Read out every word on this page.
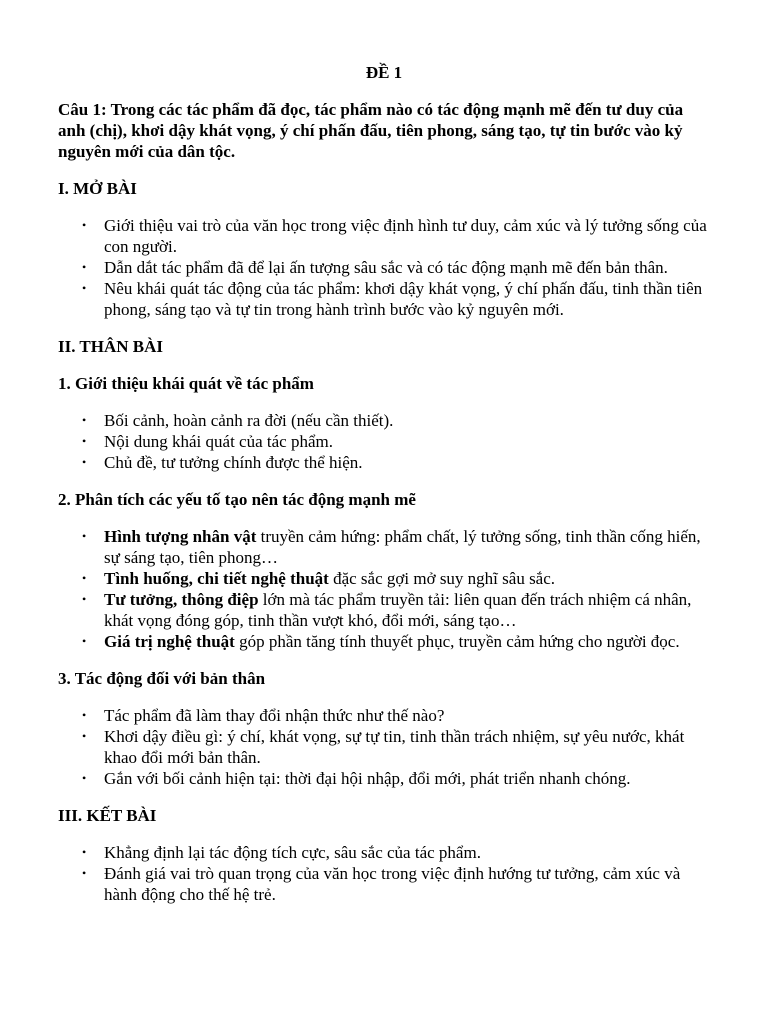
ĐỀ 1
Câu 1: Trong các tác phẩm đã đọc, tác phẩm nào có tác động mạnh mẽ đến tư duy của anh (chị), khơi dậy khát vọng, ý chí phấn đấu, tiên phong, sáng tạo, tự tin bước vào kỷ nguyên mới của dân tộc.
I. MỞ BÀI
• Giới thiệu vai trò của văn học trong việc định hình tư duy, cảm xúc và lý tưởng sống của con người.
• Dẫn dắt tác phẩm đã để lại ấn tượng sâu sắc và có tác động mạnh mẽ đến bản thân.
• Nêu khái quát tác động của tác phẩm: khơi dậy khát vọng, ý chí phấn đấu, tinh thần tiên phong, sáng tạo và tự tin trong hành trình bước vào kỷ nguyên mới.
II. THÂN BÀI
1. Giới thiệu khái quát về tác phẩm
• Bối cảnh, hoàn cảnh ra đời (nếu cần thiết).
• Nội dung khái quát của tác phẩm.
• Chủ đề, tư tưởng chính được thể hiện.
2. Phân tích các yếu tố tạo nên tác động mạnh mẽ
• Hình tượng nhân vật truyền cảm hứng: phẩm chất, lý tưởng sống, tinh thần cống hiến, sự sáng tạo, tiên phong…
• Tình huống, chi tiết nghệ thuật đặc sắc gợi mở suy nghĩ sâu sắc.
• Tư tưởng, thông điệp lớn mà tác phẩm truyền tải: liên quan đến trách nhiệm cá nhân, khát vọng đóng góp, tinh thần vượt khó, đổi mới, sáng tạo…
• Giá trị nghệ thuật góp phần tăng tính thuyết phục, truyền cảm hứng cho người đọc.
3. Tác động đối với bản thân
• Tác phẩm đã làm thay đổi nhận thức như thế nào?
• Khơi dậy điều gì: ý chí, khát vọng, sự tự tin, tinh thần trách nhiệm, sự yêu nước, khát khao đổi mới bản thân.
• Gắn với bối cảnh hiện tại: thời đại hội nhập, đổi mới, phát triển nhanh chóng.
III. KẾT BÀI
• Khẳng định lại tác động tích cực, sâu sắc của tác phẩm.
• Đánh giá vai trò quan trọng của văn học trong việc định hướng tư tưởng, cảm xúc và hành động cho thế hệ trẻ.
